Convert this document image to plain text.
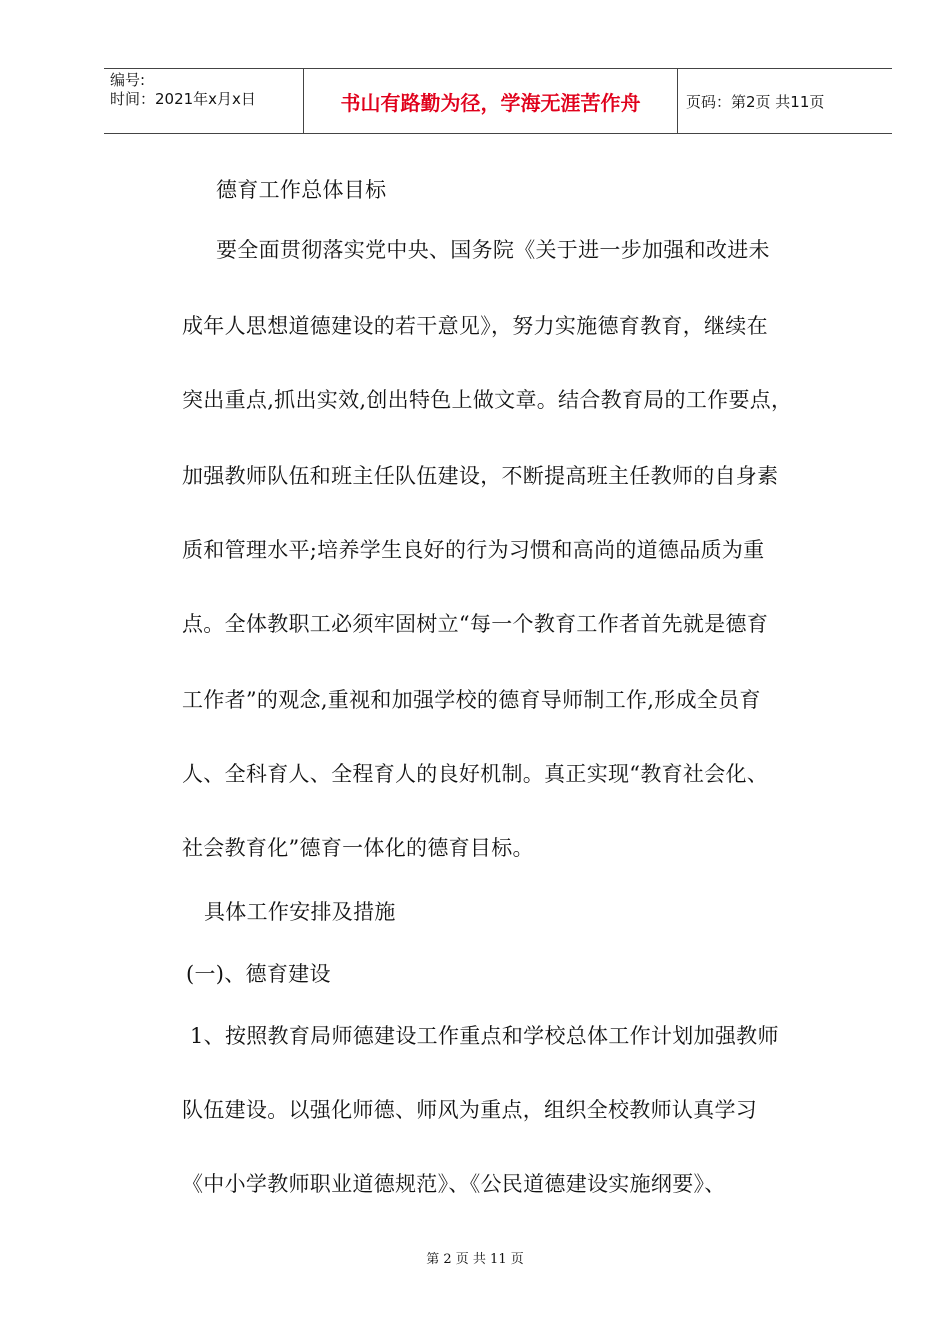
编号:
时间：2021年x月x日	书山有路勤为径，学海无涯苦作舟	页码：第2页 共11页
德育工作总体目标
要全面贯彻落实党中央、国务院《关于进一步加强和改进未
成年人思想道德建设的若干意见》，努力实施德育教育，继续在
突出重点,抓出实效,创出特色上做文章。结合教育局的工作要点，
加强教师队伍和班主任队伍建设，不断提高班主任教师的自身素
质和管理水平;培养学生良好的行为习惯和高尚的道德品质为重
点。全体教职工必须牢固树立“每一个教育工作者首先就是德育
工作者”的观念,重视和加强学校的德育导师制工作,形成全员育
人、全科育人、全程育人的良好机制。真正实现“教育社会化、
社会教育化”德育一体化的德育目标。
具体工作安排及措施
(一)、德育建设
1、按照教育局师德建设工作重点和学校总体工作计划加强教师
队伍建设。以强化师德、师风为重点，组织全校教师认真学习
《中小学教师职业道德规范》、《公民道德建设实施纲要》、
第 2 页 共 11 页
